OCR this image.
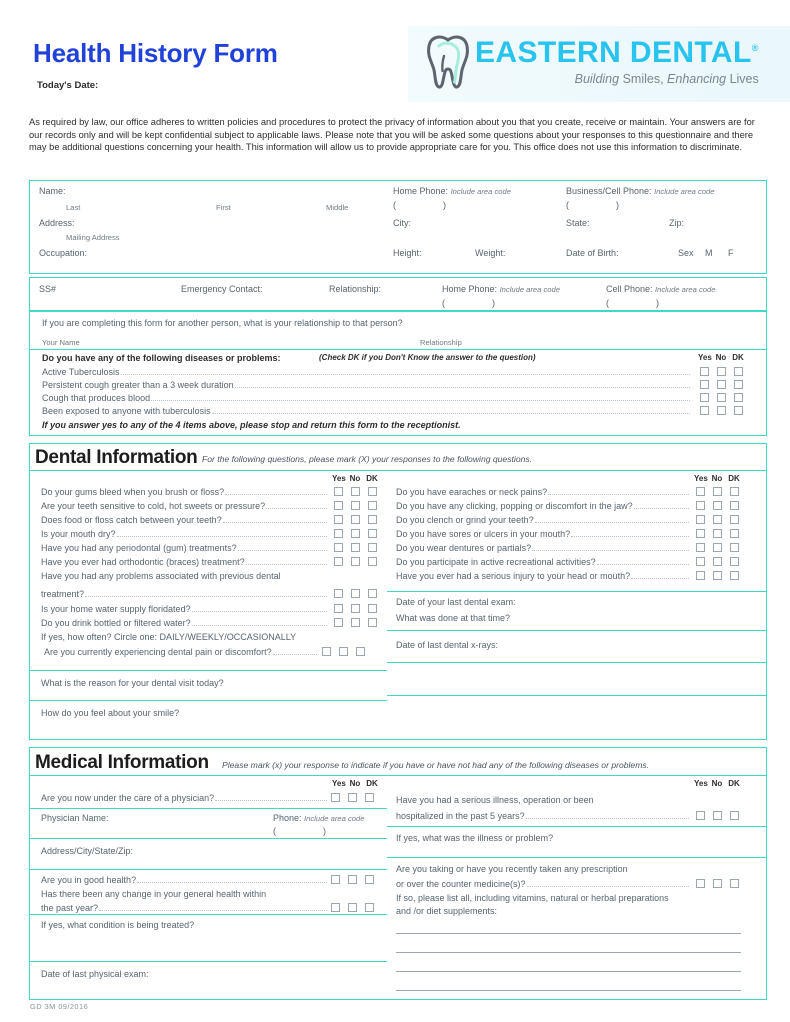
Health History Form
Today's Date:
EASTERN DENTAL®
Building Smiles, Enhancing Lives
As required by law, our office adheres to written policies and procedures to protect the privacy of information about you that you create, receive or maintain. Your answers are for our records only and will be kept confidential subject to applicable laws. Please note that you will be asked some questions about your responses to this questionnaire and there may be additional questions concerning your health. This information will allow us to provide appropriate care for you. This office does not use this information to discriminate.
Name:
Last	First	Middle
Home Phone: Include area code
(  )
Business/Cell Phone: Include area code
(  )
Address:
Mailing Address
City:	State:	Zip:
Occupation:	Height:	Weight:	Date of Birth:	Sex M F
SS#	Emergency Contact:	Relationship:	Home Phone: Include area code
(  )
Cell Phone: Include area code
(  )
If you are completing this form for another person, what is your relationship to that person?
Your Name	Relationship
Do you have any of the following diseases or problems:	(Check DK if you Don't Know the answer to the question)	Yes No DK
Active Tuberculosis
Persistent cough greater than a 3 week duration
Cough that produces blood
Been exposed to anyone with tuberculosis
If you answer yes to any of the 4 items above, please stop and return this form to the receptionist.
Dental Information For the following questions, please mark (X) your responses to the following questions.
Yes No DK
Do your gums bleed when you brush or floss?
Are your teeth sensitive to cold, hot sweets or pressure?
Does food or floss catch between your teeth?
Is your mouth dry?
Have you had any periodontal (gum) treatments?
Have you ever had orthodontic (braces) treatment?
Have you had any problems associated with previous dental
treatment?
Is your home water supply floridated?
Do you drink bottled or filtered water?
If yes, how often? Circle one: DAILY/WEEKLY/OCCASIONALLY
Are you currently experiencing dental pain or discomfort?
What is the reason for your dental visit today?
How do you feel about your smile?
Yes No DK
Do you have earaches or neck pains?
Do you have any clicking, popping or discomfort in the jaw?
Do you clench or grind your teeth?
Do you have sores or ulcers in your mouth?
Do you wear dentures or partials?
Do you participate in active recreational activities?
Have you ever had a serious injury to your head or mouth?
Date of your last dental exam:
What was done at that time?
Date of last dental x-rays:
Medical Information Please mark (x) your response to indicate if you have or have not had any of the following diseases or problems.
Yes No DK
Are you now under the care of a physician?
Physician Name:	Phone: Include area code
(  )
Address/City/State/Zip:
Are you in good health?
Has there been any change in your general health within
the past year?
If yes, what condition is being treated?
Date of last physical exam:
Yes No DK
Have you had a serious illness, operation or been
hospitalized in the past 5 years?
If yes, what was the illness or problem?
Are you taking or have you recently taken any prescription
or over the counter medicine(s)?
If so, please list all, including vitamins, natural or herbal preparations
and /or diet supplements:
GD 3M 09/2016
